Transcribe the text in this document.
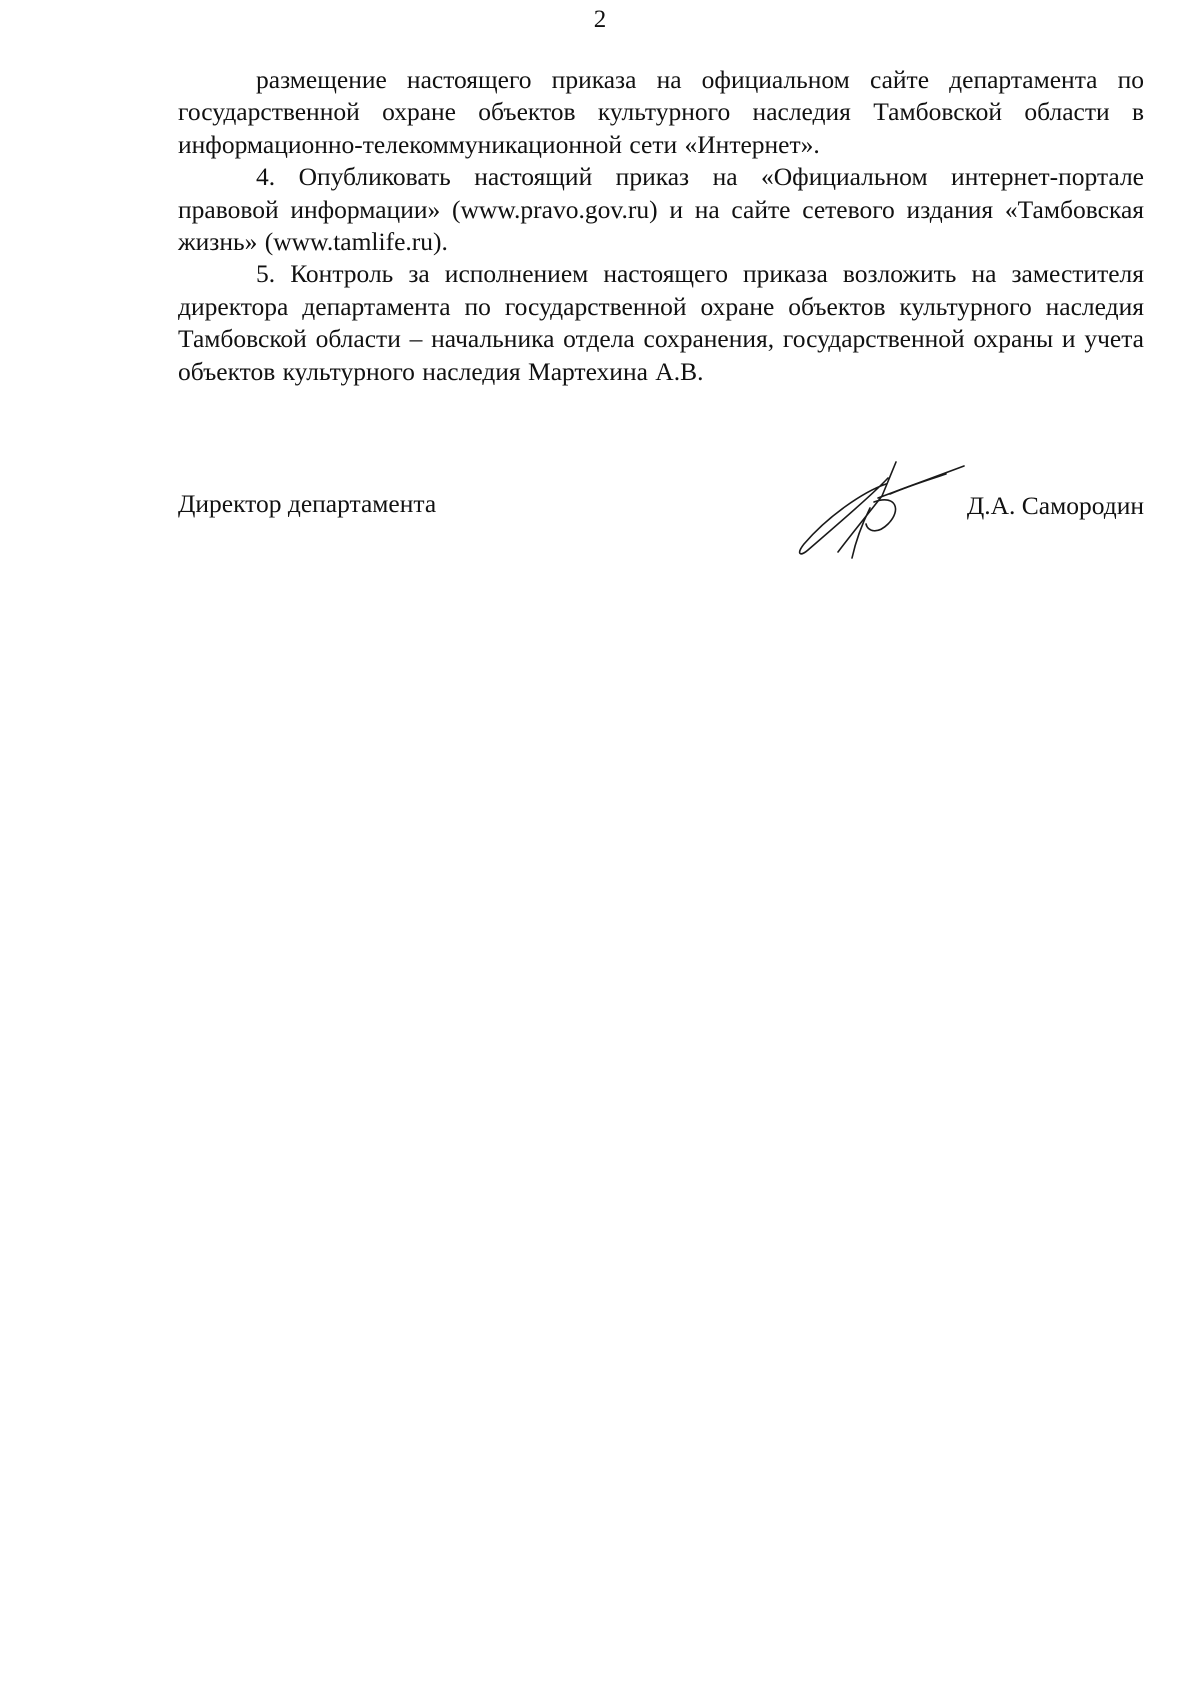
2

размещение настоящего приказа на официальном сайте департамента по государственной охране объектов культурного наследия Тамбовской области в информационно-телекоммуникационной сети «Интернет».

4. Опубликовать настоящий приказ на «Официальном интернет-портале правовой информации» (www.pravo.gov.ru) и на сайте сетевого издания «Тамбовская жизнь» (www.tamlife.ru).

5. Контроль за исполнением настоящего приказа возложить на заместителя директора департамента по государственной охране объектов культурного наследия Тамбовской области – начальника отдела сохранения, государственной охраны и учета объектов культурного наследия Мартехина А.В.

Директор департамента	Д.А. Самородин
